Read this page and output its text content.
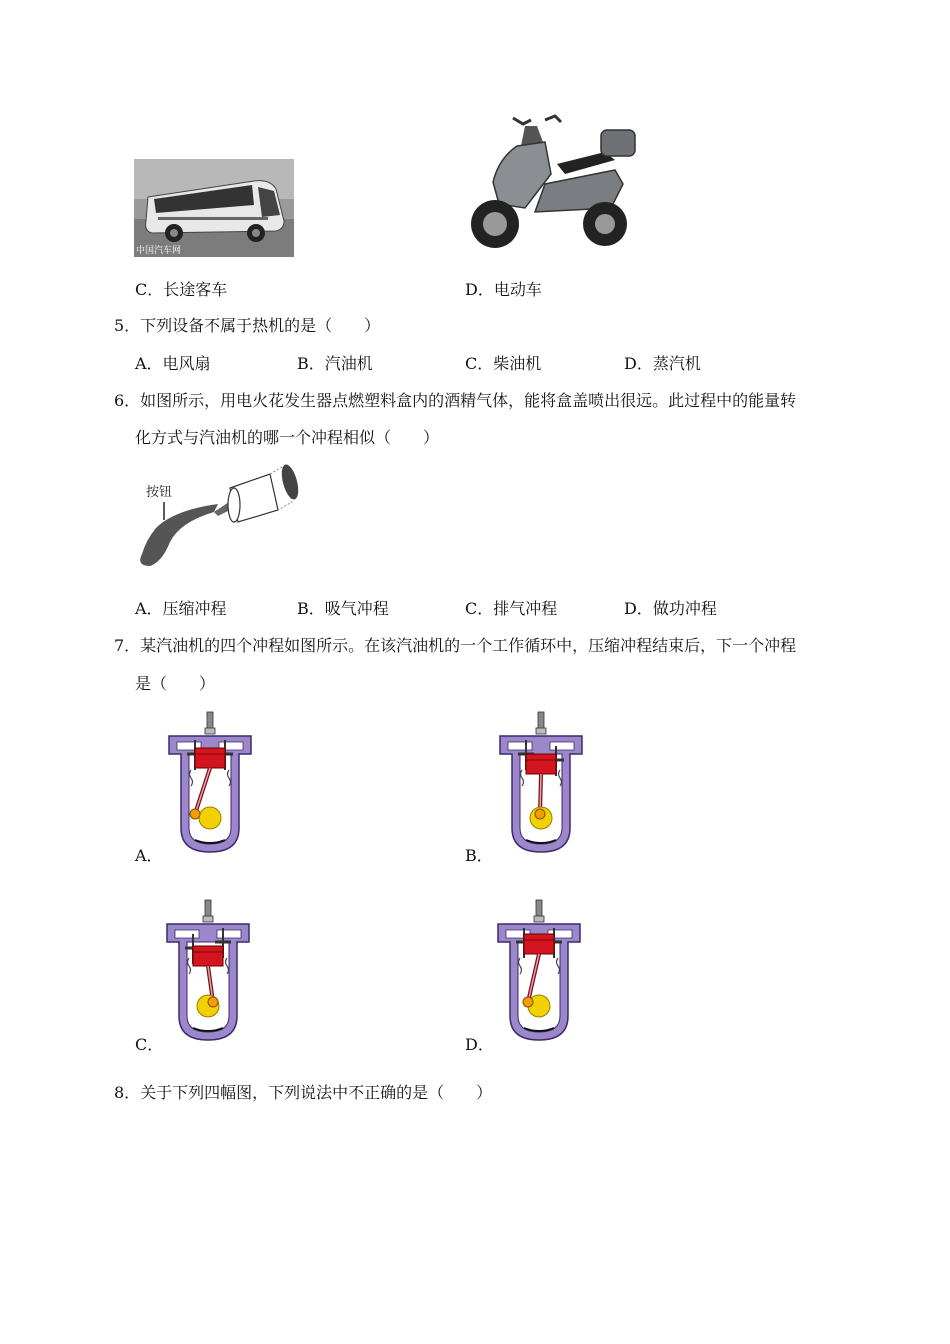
中国汽车网
C．长途客车	D．电动车
5．下列设备不属于热机的是（　　）
A．电风扇	B．汽油机	C．柴油机	D．蒸汽机
6．如图所示，用电火花发生器点燃塑料盒内的酒精气体，能将盒盖喷出很远。此过程中的能量转
化方式与汽油机的哪一个冲程相似（　　）
按钮
A．压缩冲程	B．吸气冲程	C．排气冲程	D．做功冲程
7．某汽油机的四个冲程如图所示。在该汽油机的一个工作循环中，压缩冲程结束后，下一个冲程
是（　　）
A．	B．
C．	D．
8．关于下列四幅图，下列说法中不正确的是（　　）
